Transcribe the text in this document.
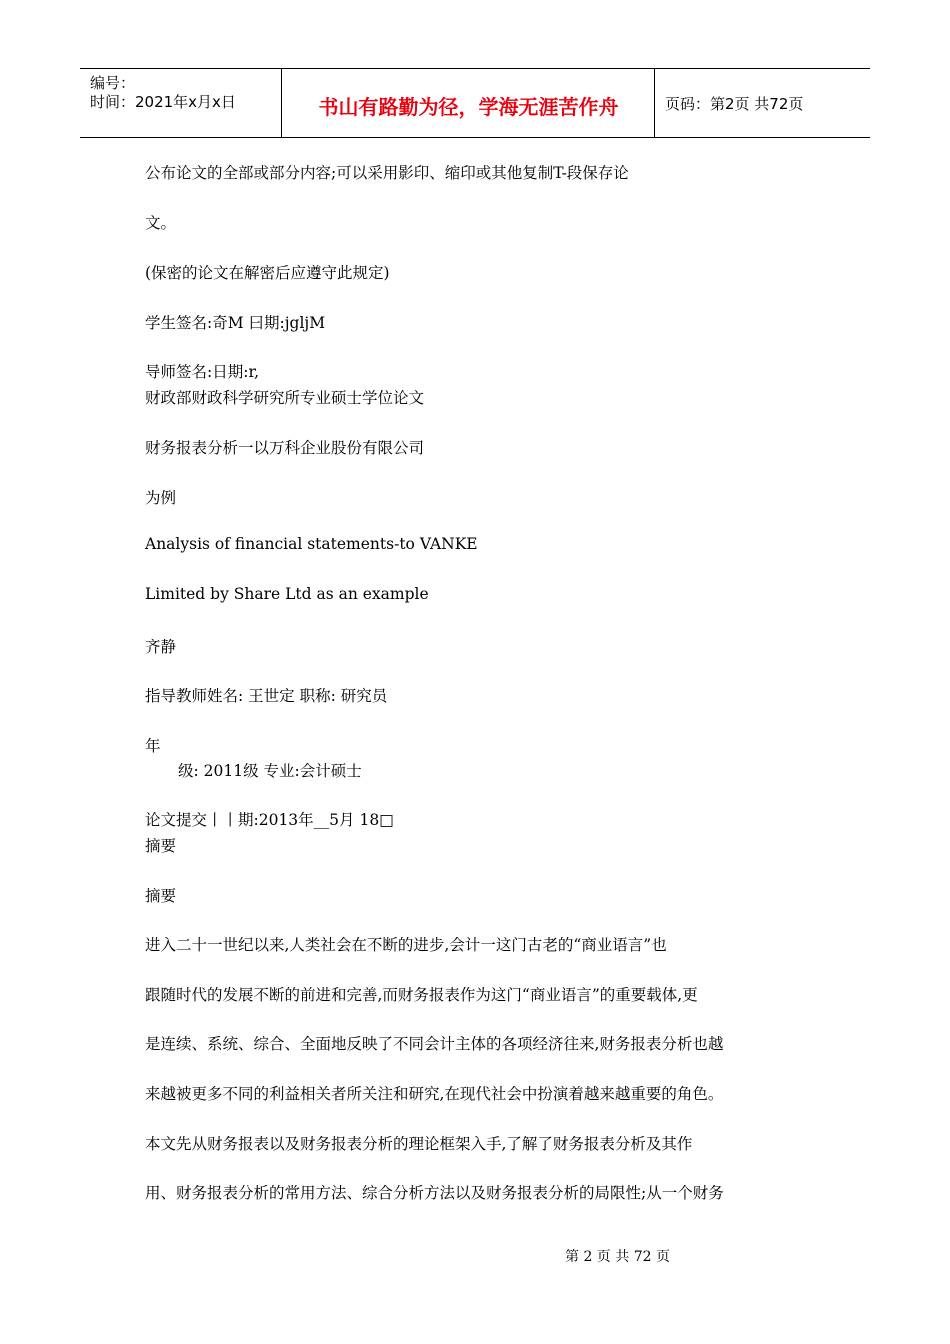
编号：
时间：2021年x月x日	书山有路勤为径，学海无涯苦作舟	页码：第2页 共72页
公布论文的全部或部分内容;可以采用影印、缩印或其他复制T-段保存论
文。
(保密的论文在解密后应遵守此规定)
学生签名:奇M 曰期:jgljM
导师签名:日期:r,
财政部财政科学研究所专业硕士学位论文
财务报表分析一以万科企业股份有限公司
为例
Analysis of financial statements-to VANKE
Limited by Share Ltd as an example
齐静
指导教师姓名: 王世定 职称: 研究员
年
级: 2011级 专业:会计硕士
论文提交丨丨期:2013年__5月 18□
摘要
摘要
进入二十一世纪以来,人类社会在不断的进步,会计一这门古老的“商业语言”也
跟随时代的发展不断的前进和完善,而财务报表作为这门“商业语言”的重要载体,更
是连续、系统、综合、全面地反映了不同会计主体的各项经济往来,财务报表分析也越
来越被更多不同的利益相关者所关注和研究,在现代社会中扮演着越来越重要的角色。
本文先从财务报表以及财务报表分析的理论框架入手,了解了财务报表分析及其作
用、财务报表分析的常用方法、综合分析方法以及财务报表分析的局限性;从一个财务
第 2 页 共 72 页
